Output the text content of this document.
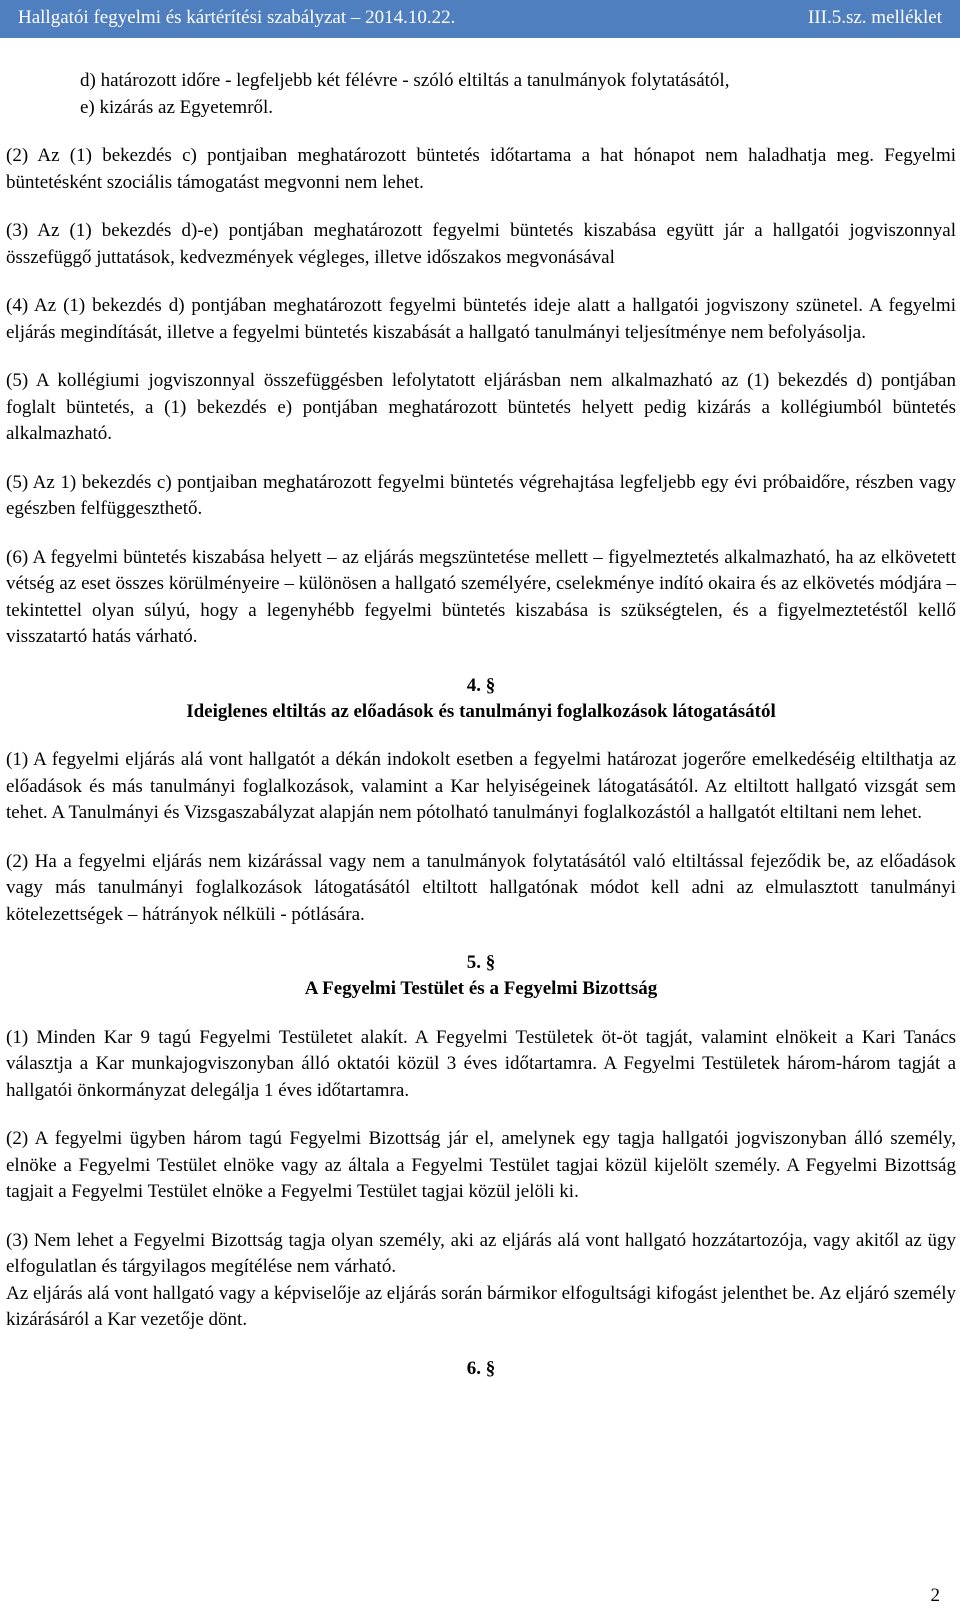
Hallgatói fegyelmi és kártérítési szabályzat – 2014.10.22.	III.5.sz. melléklet

d) határozott időre - legfeljebb két félévre - szóló eltiltás a tanulmányok folytatásától,

e) kizárás az Egyetemről.

(2) Az (1) bekezdés c) pontjaiban meghatározott büntetés időtartama a hat hónapot nem haladhatja meg. Fegyelmi büntetésként szociális támogatást megvonni nem lehet.

(3) Az (1) bekezdés d)-e) pontjában meghatározott fegyelmi büntetés kiszabása együtt jár a hallgatói jogviszonnyal összefüggő juttatások, kedvezmények végleges, illetve időszakos megvonásával

(4) Az (1) bekezdés d) pontjában meghatározott fegyelmi büntetés ideje alatt a hallgatói jogviszony szünetel. A fegyelmi eljárás megindítását, illetve a fegyelmi büntetés kiszabását a hallgató tanulmányi teljesítménye nem befolyásolja.

(5) A kollégiumi jogviszonnyal összefüggésben lefolytatott eljárásban nem alkalmazható az (1) bekezdés d) pontjában foglalt büntetés, a (1) bekezdés e) pontjában meghatározott büntetés helyett pedig kizárás a kollégiumból büntetés alkalmazható.

(5) Az 1) bekezdés c) pontjaiban meghatározott fegyelmi büntetés végrehajtása legfeljebb egy évi próbaidőre, részben vagy egészben felfüggeszthető.

(6) A fegyelmi büntetés kiszabása helyett – az eljárás megszüntetése mellett – figyelmeztetés alkalmazható, ha az elkövetett vétség az eset összes körülményeire – különösen a hallgató személyére, cselekménye indító okaira és az elkövetés módjára – tekintettel olyan súlyú, hogy a legenyhébb fegyelmi büntetés kiszabása is szükségtelen, és a figyelmeztetéstől kellő visszatartó hatás várható.

4. §

Ideiglenes eltiltás az előadások és tanulmányi foglalkozások látogatásától

(1) A fegyelmi eljárás alá vont hallgatót a dékán indokolt esetben a fegyelmi határozat jogerőre emelkedéséig eltilthatja az előadások és más tanulmányi foglalkozások, valamint a Kar helyiségeinek látogatásától. Az eltiltott hallgató vizsgát sem tehet. A Tanulmányi és Vizsgaszabályzat alapján nem pótolható tanulmányi foglalkozástól a hallgatót eltiltani nem lehet.

(2) Ha a fegyelmi eljárás nem kizárással vagy nem a tanulmányok folytatásától való eltiltással fejeződik be, az előadások vagy más tanulmányi foglalkozások látogatásától eltiltott hallgatónak módot kell adni az elmulasztott tanulmányi kötelezettségek – hátrányok nélküli - pótlására.

5. §

A Fegyelmi Testület és a Fegyelmi Bizottság

(1) Minden Kar 9 tagú Fegyelmi Testületet alakít. A Fegyelmi Testületek öt-öt tagját, valamint elnökeit a Kari Tanács választja a Kar munkajogviszonyban álló oktatói közül 3 éves időtartamra. A Fegyelmi Testületek három-három tagját a hallgatói önkormányzat delegálja 1 éves időtartamra.

(2) A fegyelmi ügyben három tagú Fegyelmi Bizottság jár el, amelynek egy tagja hallgatói jogviszonyban álló személy, elnöke a Fegyelmi Testület elnöke vagy az általa a Fegyelmi Testület tagjai közül kijelölt személy. A Fegyelmi Bizottság tagjait a Fegyelmi Testület elnöke a Fegyelmi Testület tagjai közül jelöli ki.

(3) Nem lehet a Fegyelmi Bizottság tagja olyan személy, aki az eljárás alá vont hallgató hozzátartozója, vagy akitől az ügy elfogulatlan és tárgyilagos megítélése nem várható.

Az eljárás alá vont hallgató vagy a képviselője az eljárás során bármikor elfogultsági kifogást jelenthet be. Az eljáró személy kizárásáról a Kar vezetője dönt.

6. §

2
